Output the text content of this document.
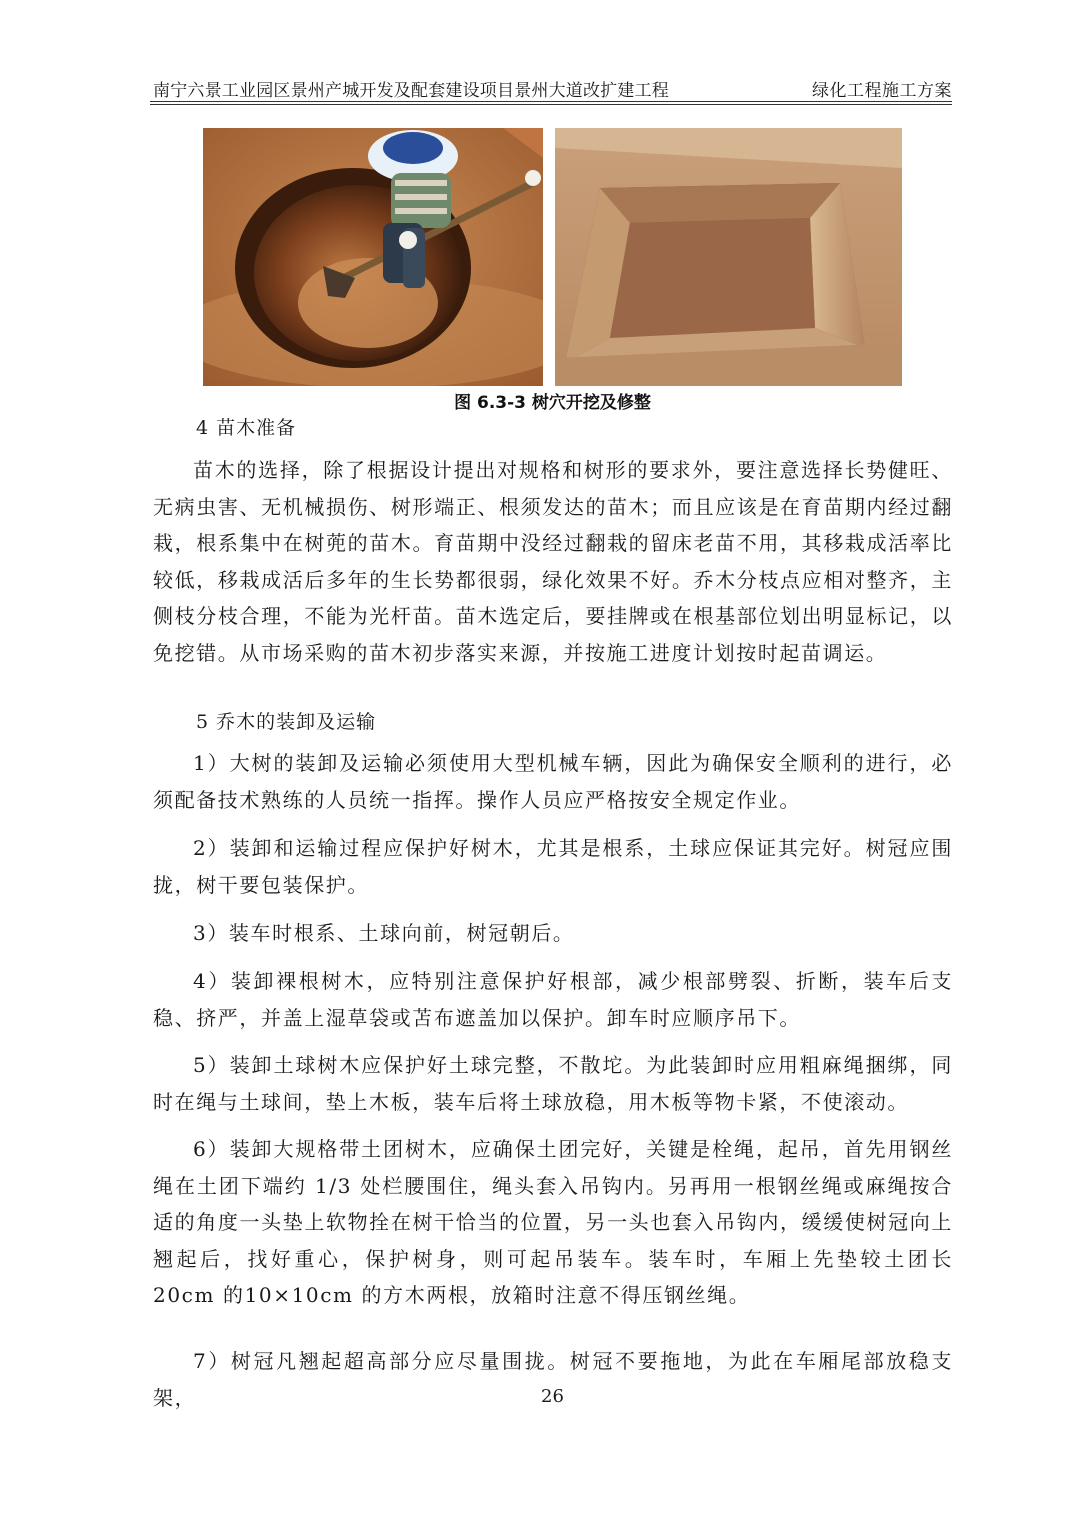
南宁六景工业园区景州产城开发及配套建设项目景州大道改扩建工程	绿化工程施工方案
图 6.3-3 树穴开挖及修整
4 苗木准备

苗木的选择，除了根据设计提出对规格和树形的要求外，要注意选择长势健旺、无病虫害、无机械损伤、树形端正、根须发达的苗木；而且应该是在育苗期内经过翻栽，根系集中在树蔸的苗木。育苗期中没经过翻栽的留床老苗不用，其移栽成活率比较低，移栽成活后多年的生长势都很弱，绿化效果不好。乔木分枝点应相对整齐，主侧枝分枝合理，不能为光杆苗。苗木选定后，要挂牌或在根基部位划出明显标记，以免挖错。从市场采购的苗木初步落实来源，并按施工进度计划按时起苗调运。

5 乔木的装卸及运输

1）大树的装卸及运输必须使用大型机械车辆，因此为确保安全顺利的进行，必须配备技术熟练的人员统一指挥。操作人员应严格按安全规定作业。

2）装卸和运输过程应保护好树木，尤其是根系，土球应保证其完好。树冠应围拢，树干要包装保护。

3）装车时根系、土球向前，树冠朝后。

4）装卸裸根树木，应特别注意保护好根部，减少根部劈裂、折断，装车后支稳、挤严，并盖上湿草袋或苫布遮盖加以保护。卸车时应顺序吊下。

5）装卸土球树木应保护好土球完整，不散坨。为此装卸时应用粗麻绳捆绑，同时在绳与土球间，垫上木板，装车后将土球放稳，用木板等物卡紧，不使滚动。

6）装卸大规格带土团树木，应确保土团完好，关键是栓绳，起吊，首先用钢丝绳在土团下端约 1/3 处栏腰围住，绳头套入吊钩内。另再用一根钢丝绳或麻绳按合适的角度一头垫上软物拴在树干恰当的位置，另一头也套入吊钩内，缓缓使树冠向上翘起后，找好重心，保护树身，则可起吊装车。装车时，车厢上先垫较土团长 20cm 的10×10cm 的方木两根，放箱时注意不得压钢丝绳。

7）树冠凡翘起超高部分应尽量围拢。树冠不要拖地，为此在车厢尾部放稳支架，	26
